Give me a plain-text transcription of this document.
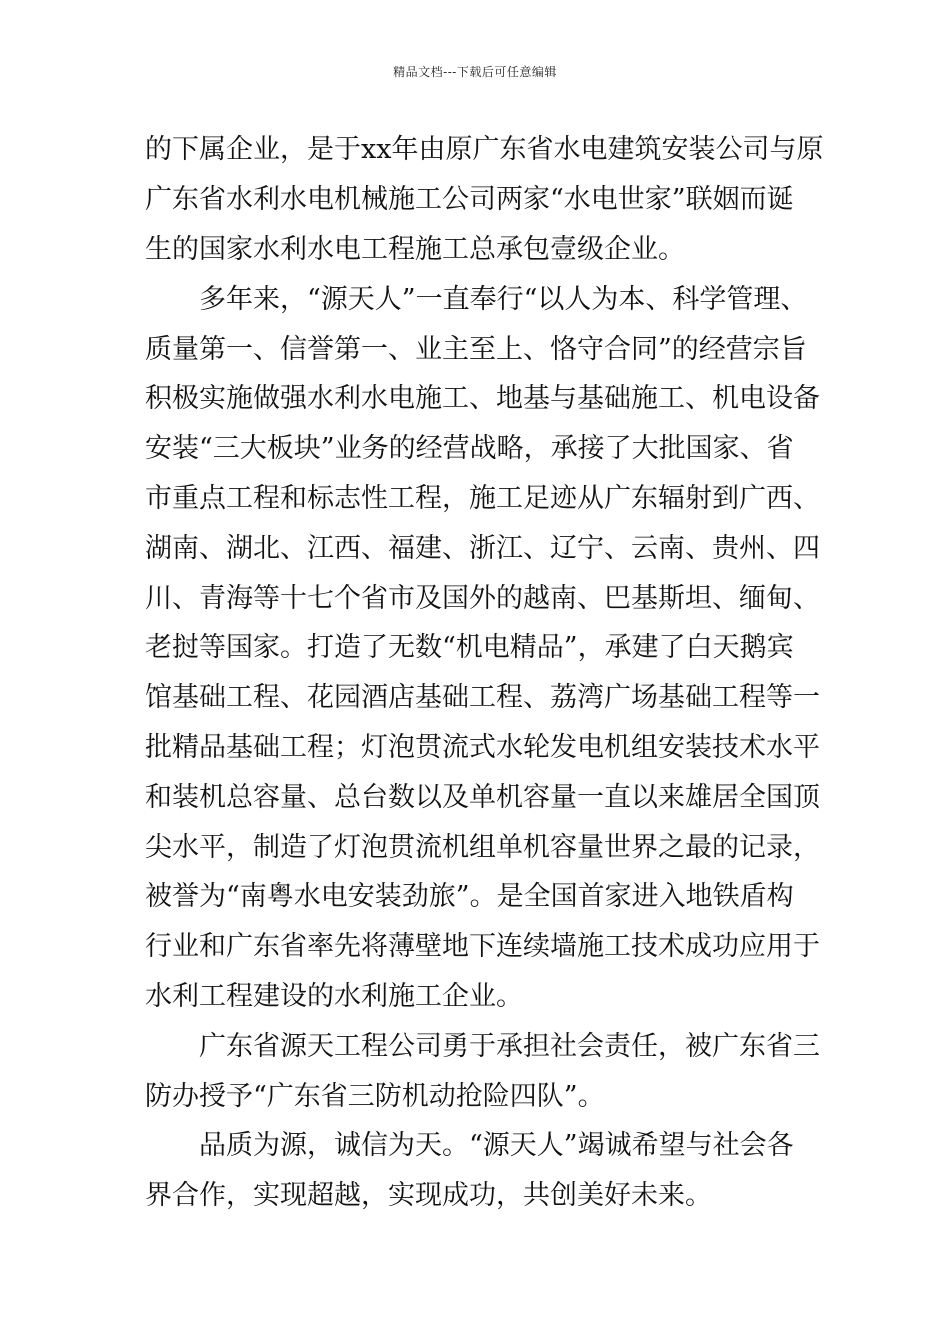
精品文档---下载后可任意编辑
的下属企业，是于xx年由原广东省水电建筑安装公司与原
广东省水利水电机械施工公司两家“水电世家”联姻而诞
生的国家水利水电工程施工总承包壹级企业。
　　多年来，“源天人”一直奉行“以人为本、科学管理、
质量第一、信誉第一、业主至上、恪守合同”的经营宗旨
积极实施做强水利水电施工、地基与基础施工、机电设备
安装“三大板块”业务的经营战略，承接了大批国家、省
市重点工程和标志性工程，施工足迹从广东辐射到广西、
湖南、湖北、江西、福建、浙江、辽宁、云南、贵州、四
川、青海等十七个省市及国外的越南、巴基斯坦、缅甸、
老挝等国家。打造了无数“机电精品”，承建了白天鹅宾
馆基础工程、花园酒店基础工程、荔湾广场基础工程等一
批精品基础工程；灯泡贯流式水轮发电机组安装技术水平
和装机总容量、总台数以及单机容量一直以来雄居全国顶
尖水平，制造了灯泡贯流机组单机容量世界之最的记录，
被誉为“南粤水电安装劲旅”。是全国首家进入地铁盾构
行业和广东省率先将薄壁地下连续墙施工技术成功应用于
水利工程建设的水利施工企业。
　　广东省源天工程公司勇于承担社会责任，被广东省三
防办授予“广东省三防机动抢险四队”。
　　品质为源，诚信为天。“源天人”竭诚希望与社会各
界合作，实现超越，实现成功，共创美好未来。
